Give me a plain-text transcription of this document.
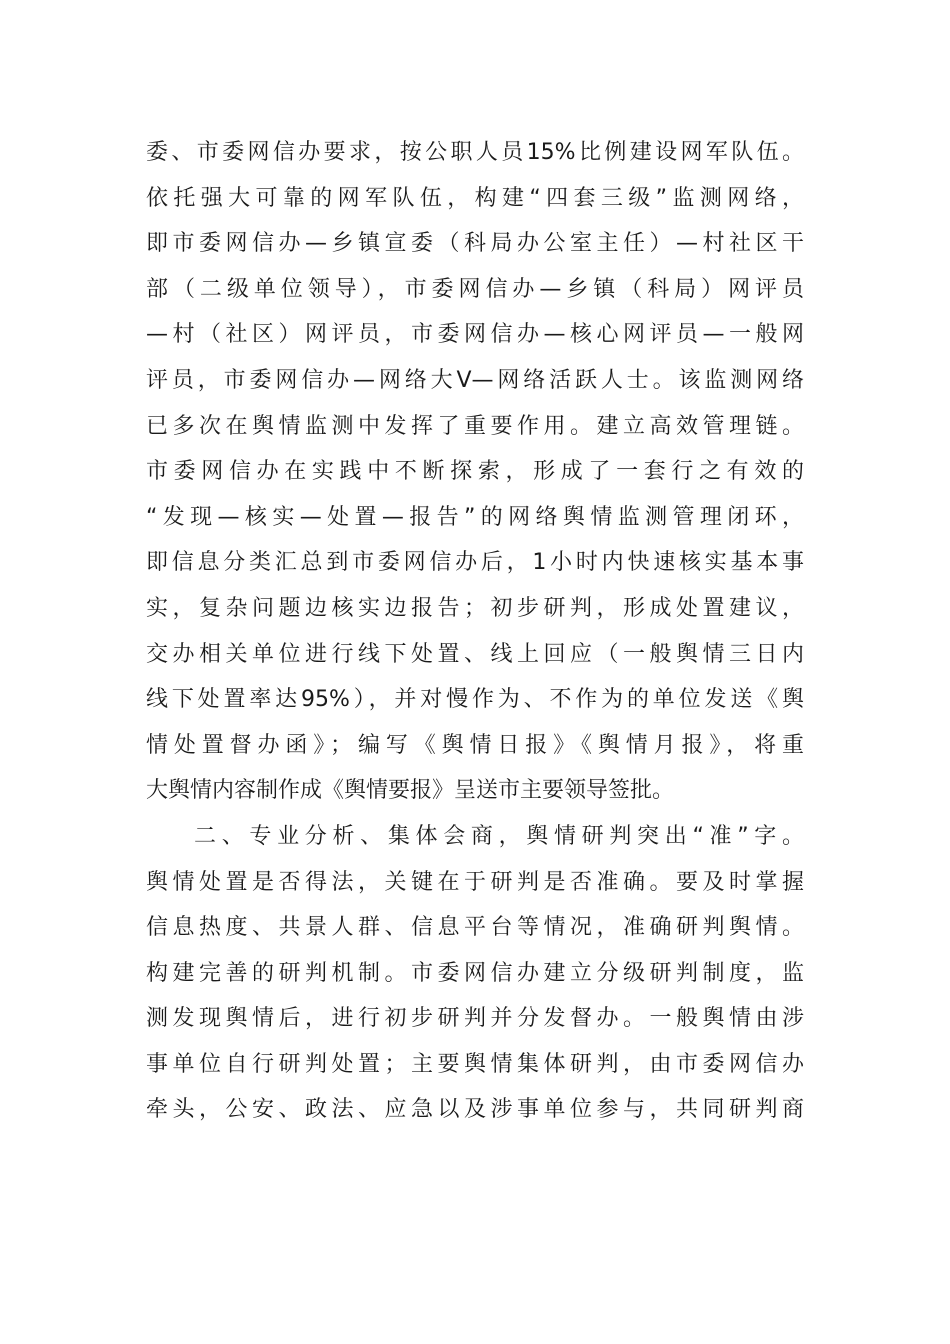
委、市委网信办要求，按公职人员15%比例建设网军队伍。
依托强大可靠的网军队伍，构建“四套三级”监测网络，
即市委网信办—乡镇宣委（科局办公室主任）—村社区干
部（二级单位领导），市委网信办—乡镇（科局）网评员
—村（社区）网评员，市委网信办—核心网评员—一般网
评员，市委网信办—网络大V—网络活跃人士。该监测网络
已多次在舆情监测中发挥了重要作用。建立高效管理链。
市委网信办在实践中不断探索，形成了一套行之有效的
“发现—核实—处置—报告”的网络舆情监测管理闭环，
即信息分类汇总到市委网信办后，1小时内快速核实基本事
实，复杂问题边核实边报告；初步研判，形成处置建议，
交办相关单位进行线下处置、线上回应（一般舆情三日内
线下处置率达95%），并对慢作为、不作为的单位发送《舆
情处置督办函》；编写《舆情日报》《舆情月报》，将重
大舆情内容制作成《舆情要报》呈送市主要领导签批。
二、专业分析、集体会商，舆情研判突出“准”字。
舆情处置是否得法，关键在于研判是否准确。要及时掌握
信息热度、共景人群、信息平台等情况，准确研判舆情。
构建完善的研判机制。市委网信办建立分级研判制度，监
测发现舆情后，进行初步研判并分发督办。一般舆情由涉
事单位自行研判处置；主要舆情集体研判，由市委网信办
牵头，公安、政法、应急以及涉事单位参与，共同研判商
